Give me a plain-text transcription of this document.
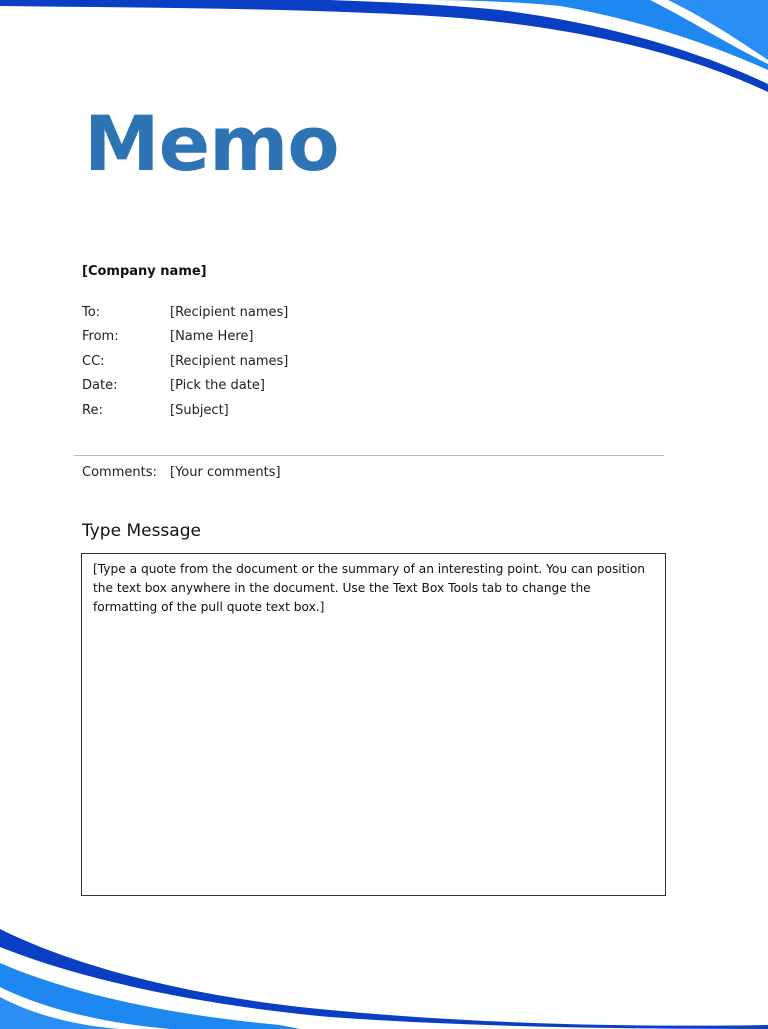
Memo
[Company name]
To:	[Recipient names]
From:	[Name Here]
CC:	[Recipient names]
Date:	[Pick the date]
Re:	[Subject]
Comments:	[Your comments]
Type Message
[Type a quote from the document or the summary of an interesting point. You can position the text box anywhere in the document. Use the Text Box Tools tab to change the formatting of the pull quote text box.]
